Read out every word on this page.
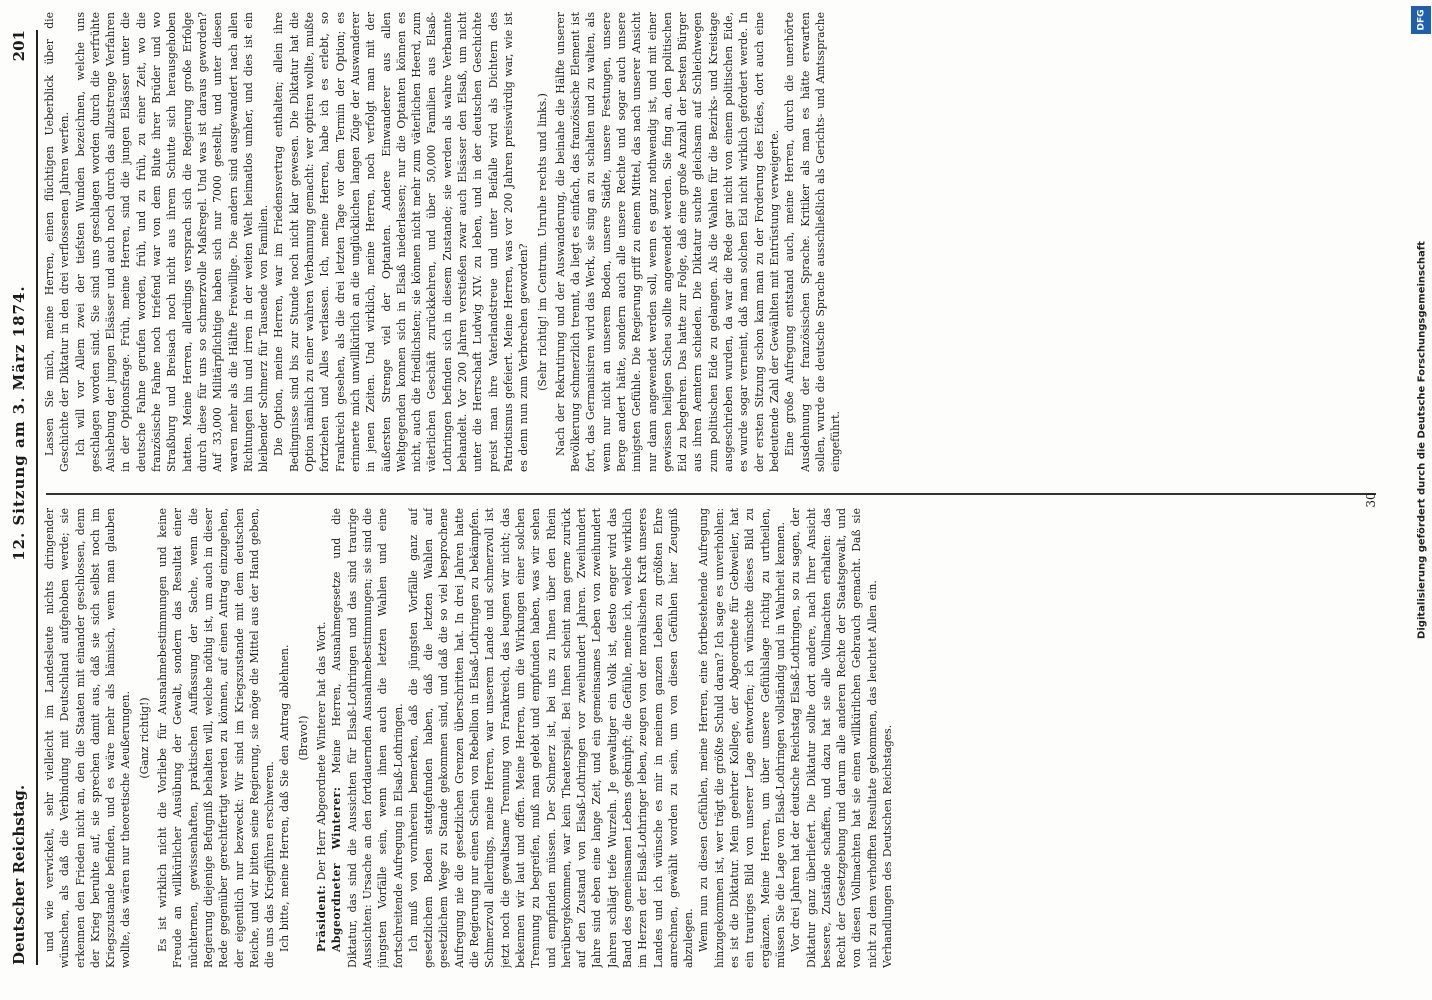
Deutscher Reichstag.
12. Sitzung am 3. März 1874.
201

und wie verwickelt, sehr vielleicht im Landesleute nichts dringender wünschen, als daß die Verbindung mit Deutschland aufgehoben werde; sie erkennen den Frieden nicht an, den die Staaten mit einander geschlossen, denn der Krieg beruhte auf, sie sprechen damit aus, daß sie sich selbst noch im Kriegszustande befinden, und es wäre mehr als hämisch, wenn man glauben wollte, das wären nur theoretische Aeußerungen. (Ganz richtig!) Es ist wirklich nicht die Vorliebe für Ausnahmebestimmungen und keine Freude an willkürlicher Ausübung der Gewalt, sondern das Resultat einer nüchternen, gewissenhaften, praktischen Auffassung der Sache, wenn die Regierung diejenige Befugniß behalten will, welche nöthig ist, um auch in dieser Rede gegenüber gerechtfertigt werden zu können, auf einen Antrag einzugehen, der eigentlich nur bezweckt: Wir sind im Kriegszustande mit dem deutschen Reiche, und wir bitten seine Regierung, sie möge die Mittel aus der Hand geben, die uns das Kriegführen erschweren. Ich bitte, meine Herren, daß Sie den Antrag ablehnen. (Bravo!)

Präsident: Der Herr Abgeordnete Winterer hat das Wort. Abgeordneter Winterer: Meine Herren, Ausnahmegesetze und die Diktatur, das sind die Aussichten für Elsaß-Lothringen und das sind traurige Aussichten: Ursache an den fortdauernden Ausnahmebestimmungen; sie sind die jüngsten Vorfälle sein, wenn ihnen auch die letzten Wahlen und eine fortschreitende Aufregung in Elsaß-Lothringen. Ich muß von vornherein bemerken, daß die jüngsten Vorfälle ganz auf gesetzlichem Boden stattgefunden haben, daß die letzten Wahlen auf gesetzlichem Wege zu Stande gekommen sind, und daß die so viel besprochene Aufregung nie die gesetzlichen Grenzen überschritten hat. In drei Jahren hatte die Regierung nur einen Schein von Rebellion in Elsaß-Lothringen zu bekämpfen. Schmerzvoll allerdings, meine Herren, war unserem Lande und schmerzvoll ist jetzt noch die gewaltsame Trennung von Frankreich, das leugnen wir nicht; das bekennen wir laut und offen. Meine Herren, um die Wirkungen einer solchen Trennung zu begreifen, muß man gelebt und empfunden haben, was wir sehen und empfinden müssen. Der Schmerz ist, bei uns zu Ihnen über den Rhein herübergekommen, war kein Theaterspiel. Bei Ihnen scheint man gerne zurück auf den Zustand von Elsaß-Lothringen vor zweihundert Jahren. Zweihundert Jahre sind eben eine lange Zeit, und ein gemeinsames Leben von zweihundert Jahren schlägt tiefe Wurzeln. Je gewaltiger ein Volk ist, desto enger wird das Band des gemeinsamen Lebens geknüpft; die Gefühle, meine ich, welche wirklich im Herzen der Elsaß-Lothringer leben, zeugen von der moralischen Kraft unseres Landes und ich wünsche es mir in meinem ganzen Leben zu größten Ehre anrechnen, gewählt worden zu sein, um von diesen Gefühlen hier Zeugniß abzulegen. Wenn nun zu diesen Gefühlen, meine Herren, eine fortbestehende Aufregung hinzugekommen ist, wer trägt die größte Schuld daran? Ich sage es unverhohlen: es ist die Diktatur. Mein geehrter Kollege, der Abgeordnete für Gebweiler, hat ein trauriges Bild von unserer Lage entworfen; ich wünschte dieses Bild zu ergänzen. Meine Herren, um über unsere Gefühlslage richtig zu urtheilen, müssen Sie die Lage von Elsaß-Lothringen vollständig und in Wahrheit kennen. Vor drei Jahren hat der deutsche Reichstag Elsaß-Lothringen, so zu sagen, der Diktatur ganz überliefert. Die Diktatur sollte dort andere, nach Ihrer Ansicht bessere, Zustände schaffen, und dazu hat sie alle Vollmachten erhalten: das Recht der Gesetzgebung und darum alle anderen Rechte der Staatsgewalt, und von diesen Vollmachten hat sie einen willkürlichen Gebrauch gemacht. Daß sie nicht zu dem verhofften Resultate gekommen, das leuchtet Allen ein. Verhandlungen des Deutschen Reichstages.

Lassen Sie mich, meine Herren, einen flüchtigen Ueberblick über die Geschichte der Diktatur in den drei verflossenen Jahren werfen. Ich will vor Allem zwei der tiefsten Wunden bezeichnen, welche uns geschlagen worden sind. Sie sind uns geschlagen worden durch die verfrühte Aushebung der jungen Elsässer und auch noch durch das allzustrenge Verfahren in der Optionsfrage. Früh, meine Herren, sind die jungen Elsässer unter die deutsche Fahne gerufen worden, früh, und zu früh, zu einer Zeit, wo die französische Fahne noch triefend war von dem Blute ihrer Brüder und wo Straßburg und Breisach noch nicht aus ihrem Schutte sich herausgehoben hatten. Meine Herren, allerdings versprach sich die Regierung große Erfolge durch diese für uns so schmerzvolle Maßregel. Und was ist daraus geworden? Auf 33,000 Militärpflichtige haben sich nur 7000 gestellt, und unter diesen waren mehr als die Hälfte Freiwillige. Die andern sind ausgewandert nach allen Richtungen hin und irren in der weiten Welt heimatlos umher, und dies ist ein bleibender Schmerz für Tausende von Familien. Die Option, meine Herren, war im Friedensvertrag enthalten; allein ihre Bedingnisse sind bis zur Stunde noch nicht klar gewesen. Die Diktatur hat die Option nämlich zu einer wahren Verbannung gemacht: wer optiren wollte, mußte fortziehen und Alles verlassen. Ich, meine Herren, habe ich es erlebt, so Frankreich gesehen, als die drei letzten Tage vor dem Termin der Option; es erinnerte mich unwillkürlich an die unglücklichen langen Züge der Auswanderer in jenen Zeiten. Und wirklich, meine Herren, noch verfolgt man mit der äußersten Strenge viel der Optanten. Andere Einwanderer aus allen Weltgegenden konnen sich in Elsaß niederlassen; nur die Optanten können es nicht, auch die friedlichsten; sie können nicht mehr zum väterlichen Heerd, zum väterlichen Geschäft zurückkehren, und über 50,000 Familien aus Elsaß-Lothringen befinden sich in diesem Zustande; sie werden als wahre Verbannte behandelt. Vor 200 Jahren verstießen zwar auch Elsässer den Elsaß, um nicht unter die Herrschaft Ludwig XIV. zu leben, und in der deutschen Geschichte preist man ihre Vaterlandstreue und unter Beifalle wird als Dichtern des Patriotismus gefeiert. Meine Herren, was vor 200 Jahren preiswürdig war, wie ist es denn nun zum Verbrechen geworden? (Sehr richtig! im Centrum. Unruhe rechts und links.) Nach der Rekrutirung und der Auswanderung, die beinahe die Hälfte unserer Bevölkerung schmerzlich trennt, da liegt es einfach, das französische Element ist fort, das Germanisiren wird das Werk, sie sing an zu schalten und zu walten, als wenn nur nicht an unserem Boden, unsere Städte, unsere Festungen, unsere Berge andert hätte, sondern auch alle unsere Rechte und sogar auch unsere innigsten Gefühle. Die Regierung griff zu einem Mittel, das nach unserer Ansicht nur dann angewendet werden soll, wenn es ganz nothwendig ist, und mit einer gewissen heiligen Scheu sollte angewendet werden. Sie fing an, den politischen Eid zu begehren. Das hatte zur Folge, daß eine große Anzahl der besten Bürger aus ihren Aemtern schieden. Die Diktatur suchte gleichsam auf Schleichwegen zum politischen Eide zu gelangen. Als die Wahlen für die Bezirks- und Kreistage ausgeschrieben wurden, da war die Rede gar nicht von einem politischen Eide, es wurde sogar verneint, daß man solchen Eid nicht wirklich gefordert werde. In der ersten Sitzung schon kam man zu der Forderung des Eides, dort auch eine bedeutende Zahl der Gewählten mit Entrüstung verweigerte. Eine große Aufregung entstand auch, meine Herren, durch die unerhörte Ausdehnung der französischen Sprache. Kritiker als man es hätte erwarten sollen, wurde die deutsche Sprache ausschließlich als Gerichts- und Amtssprache eingeführt.

30
DFG
Digitalisierung gefördert durch die Deutsche Forschungsgemeinschaft
